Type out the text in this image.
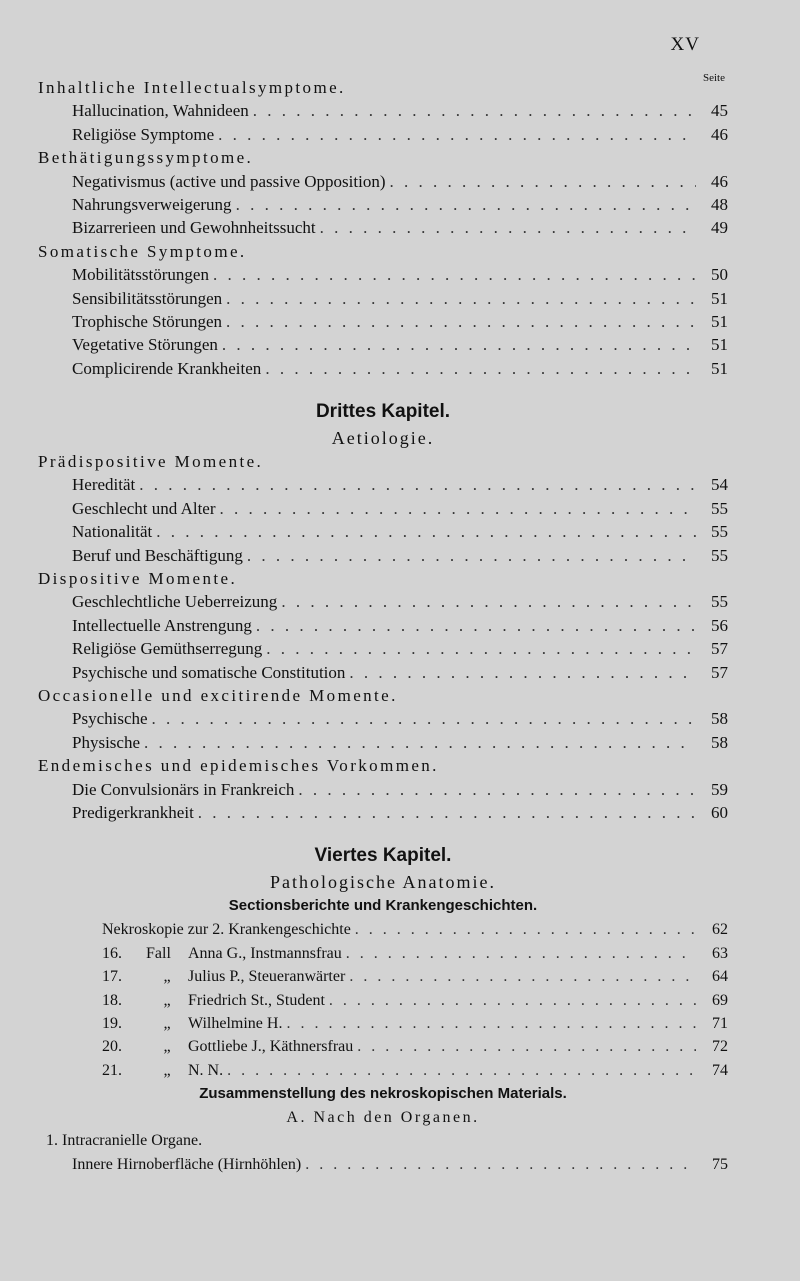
XV
Seite
Inhaltliche Intellectualsymptome.
Hallucination, Wahnideen . . .	45
Religiöse Symptome . . .	46
Bethätigungssymptome.
Negativismus (active und passive Opposition) . . .	46
Nahrungsverweigerung . . .	48
Bizarrerieen und Gewohnheitssucht . . .	49
Somatische Symptome.
Mobilitätsstörungen . . .	50
Sensibilitätsstörungen . . .	51
Trophische Störungen . . .	51
Vegetative Störungen . . .	51
Complicirende Krankheiten . . .	51
Drittes Kapitel.
Aetiologie.
Prädispositive Momente.
Heredität . . .	54
Geschlecht und Alter . . .	55
Nationalität . . .	55
Beruf und Beschäftigung . . .	55
Dispositive Momente.
Geschlechtliche Ueberreizung . . .	55
Intellectuelle Anstrengung . . .	56
Religiöse Gemüthserregung . . .	57
Psychische und somatische Constitution . . .	57
Occasionelle und excitirende Momente.
Psychische . . .	58
Physische . . .	58
Endemisches und epidemisches Vorkommen.
Die Convulsionärs in Frankreich . . .	59
Predigerkrankheit . . .	60
Viertes Kapitel.
Pathologische Anatomie.
Sectionsberichte und Krankengeschichten.
Nekroskopie zur 2. Krankengeschichte . . .	62
16.	Fall	Anna G., Instmannsfrau . . .	63
17.	„	Julius P., Steueranwärter . . .	64
18.	„	Friedrich St., Student . . .	69
19.	„	Wilhelmine H. . . .	71
20.	„	Gottliebe J., Käthnersfrau . . .	72
21.	„	N. N. . . .	74
Zusammenstellung des nekroskopischen Materials.
A. Nach den Organen.
1. Intracranielle Organe.
Innere Hirnoberfläche (Hirnhöhlen) . . .	75
